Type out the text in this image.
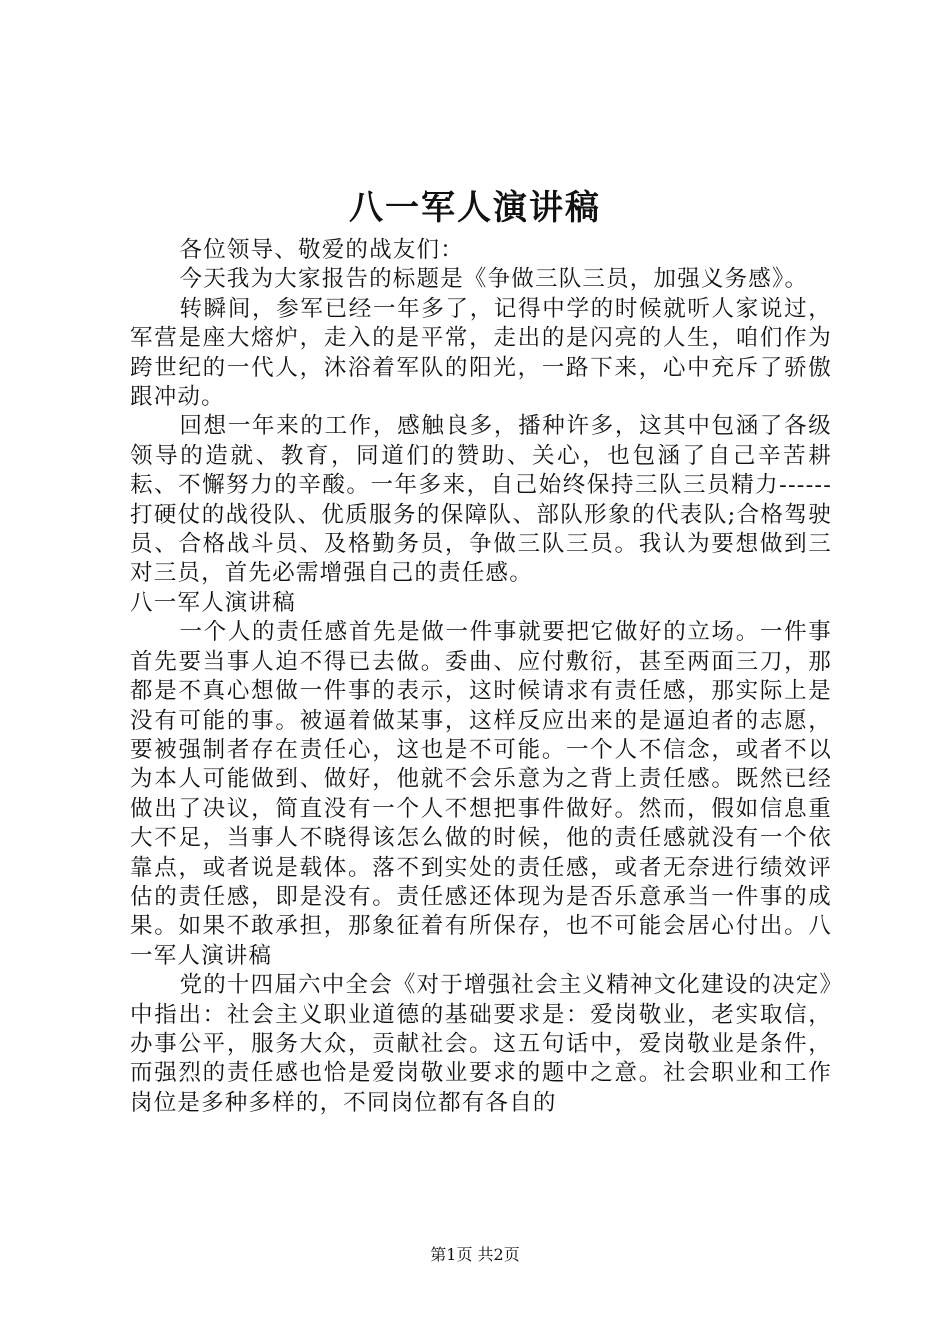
八一军人演讲稿

各位领导、敬爱的战友们：

今天我为大家报告的标题是《争做三队三员，加强义务感》。

转瞬间，参军已经一年多了，记得中学的时候就听人家说过，军营是座大熔炉，走入的是平常，走出的是闪亮的人生，咱们作为跨世纪的一代人，沐浴着军队的阳光，一路下来，心中充斥了骄傲跟冲动。

回想一年来的工作，感触良多，播种许多，这其中包涵了各级领导的造就、教育，同道们的赞助、关心，也包涵了自己辛苦耕耘、不懈努力的辛酸。一年多来，自己始终保持三队三员精力------打硬仗的战役队、优质服务的保障队、部队形象的代表队;合格驾驶员、合格战斗员、及格勤务员，争做三队三员。我认为要想做到三对三员，首先必需增强自己的责任感。

八一军人演讲稿

一个人的责任感首先是做一件事就要把它做好的立场。一件事首先要当事人迫不得已去做。委曲、应付敷衍，甚至两面三刀，那都是不真心想做一件事的表示，这时候请求有责任感，那实际上是没有可能的事。被逼着做某事，这样反应出来的是逼迫者的志愿，要被强制者存在责任心，这也是不可能。一个人不信念，或者不以为本人可能做到、做好，他就不会乐意为之背上责任感。既然已经做出了决议，简直没有一个人不想把事件做好。然而，假如信息重大不足，当事人不晓得该怎么做的时候，他的责任感就没有一个依靠点，或者说是载体。落不到实处的责任感，或者无奈进行绩效评估的责任感，即是没有。责任感还体现为是否乐意承当一件事的成果。如果不敢承担，那象征着有所保存，也不可能会居心付出。八一军人演讲稿

党的十四届六中全会《对于增强社会主义精神文化建设的决定》中指出：社会主义职业道德的基础要求是：爱岗敬业，老实取信，办事公平，服务大众，贡献社会。这五句话中，爱岗敬业是条件，而强烈的责任感也恰是爱岗敬业要求的题中之意。社会职业和工作岗位是多种多样的，不同岗位都有各自的

第1页 共2页
